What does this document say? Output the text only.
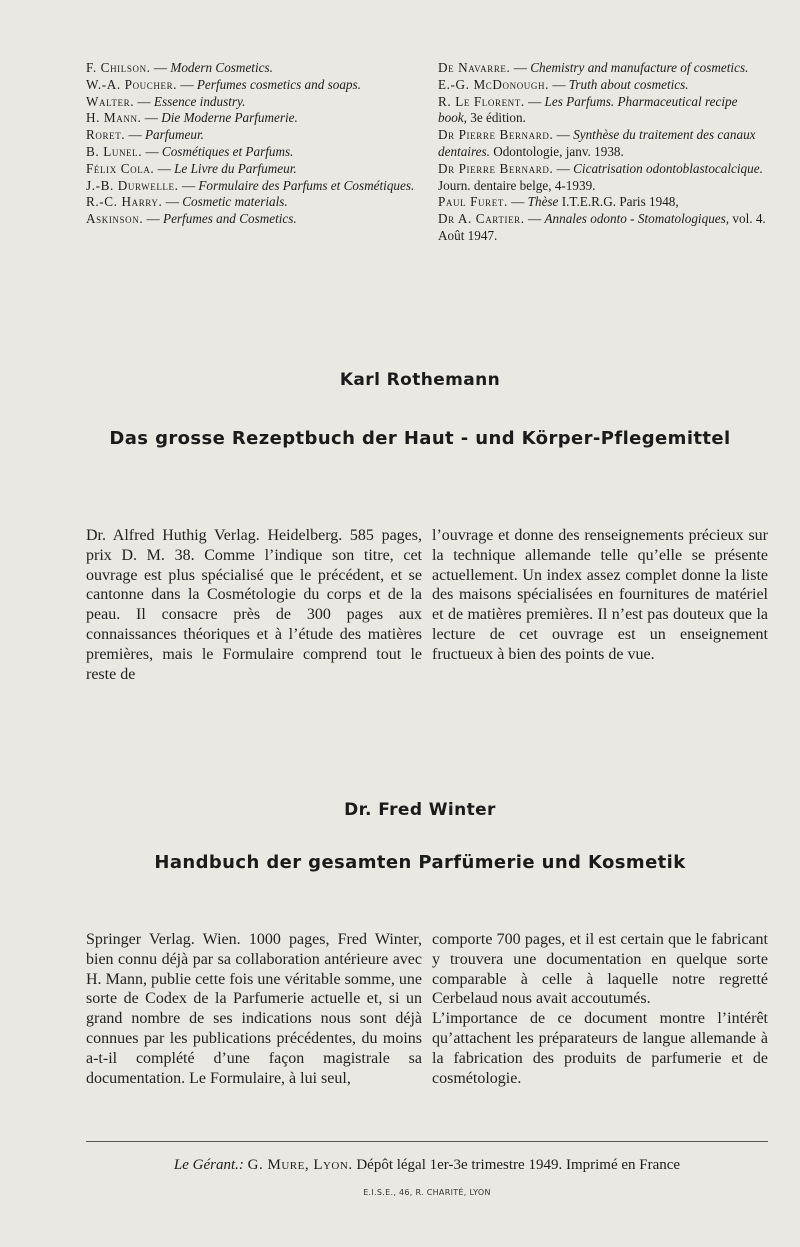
F. Chilson. — Modern Cosmetics.

W.-A. Poucher. — Perfumes cosmetics and soaps.

Walter. — Essence industry.

H. Mann. — Die Moderne Parfumerie.

Roret. — Parfumeur.

B. Lunel. — Cosmétiques et Parfums.

Félix Cola. — Le Livre du Parfumeur.

J.-B. Durwelle. — Formulaire des Parfums et Cosmétiques.

R.-C. Harry. — Cosmetic materials.

Askinson. — Perfumes and Cosmetics.

De Navarre. — Chemistry and manufacture of cosmetics.

E.-G. McDonough. — Truth about cosmetics.

R. Le Florent. — Les Parfums. Pharmaceutical recipe book, 3e édition.

Dr Pierre Bernard. — Synthèse du traitement des canaux dentaires. Odontologie, janv. 1938.

Dr Pierre Bernard. — Cicatrisation odontoblastocalcique. Journ. dentaire belge, 4-1939.

Paul Furet. — Thèse I.T.E.R.G. Paris 1948,

Dr A. Cartier. — Annales odonto - Stomatologiques, vol. 4. Août 1947.

Karl Rothemann
Das grosse Rezeptbuch der Haut - und Körper-Pflegemittel
Dr. Alfred Huthig Verlag. Heidelberg. 585 pages, prix D. M. 38. Comme l’indique son titre, cet ouvrage est plus spécialisé que le précédent, et se cantonne dans la Cosmétologie du corps et de la peau. Il consacre près de 300 pages aux connaissances théoriques et à l’étude des matières premières, mais le Formulaire comprend tout le reste de
l’ouvrage et donne des renseignements précieux sur la technique allemande telle qu’elle se présente actuellement. Un index assez complet donne la liste des maisons spécialisées en fournitures de matériel et de matières premières. Il n’est pas douteux que la lecture de cet ouvrage est un enseignement fructueux à bien des points de vue.
Dr. Fred Winter
Handbuch der gesamten Parfümerie und Kosmetik
Springer Verlag. Wien. 1000 pages, Fred Winter, bien connu déjà par sa collaboration antérieure avec H. Mann, publie cette fois une véritable somme, une sorte de Codex de la Parfumerie actuelle et, si un grand nombre de ses indications nous sont déjà connues par les publications précédentes, du moins a-t-il complété d’une façon magistrale sa documentation. Le Formulaire, à lui seul,
comporte 700 pages, et il est certain que le fabricant y trouvera une documentation en quelque sorte comparable à celle à laquelle notre regretté Cerbelaud nous avait accoutumés.
L’importance de ce document montre l’intérêt qu’attachent les préparateurs de langue allemande à la fabrication des produits de parfumerie et de cosmétologie.
Le Gérant.: G. Mure, Lyon. Dépôt légal 1er-3e trimestre 1949. Imprimé en France
E.I.S.E., 46, R. CHARITÉ, LYON
